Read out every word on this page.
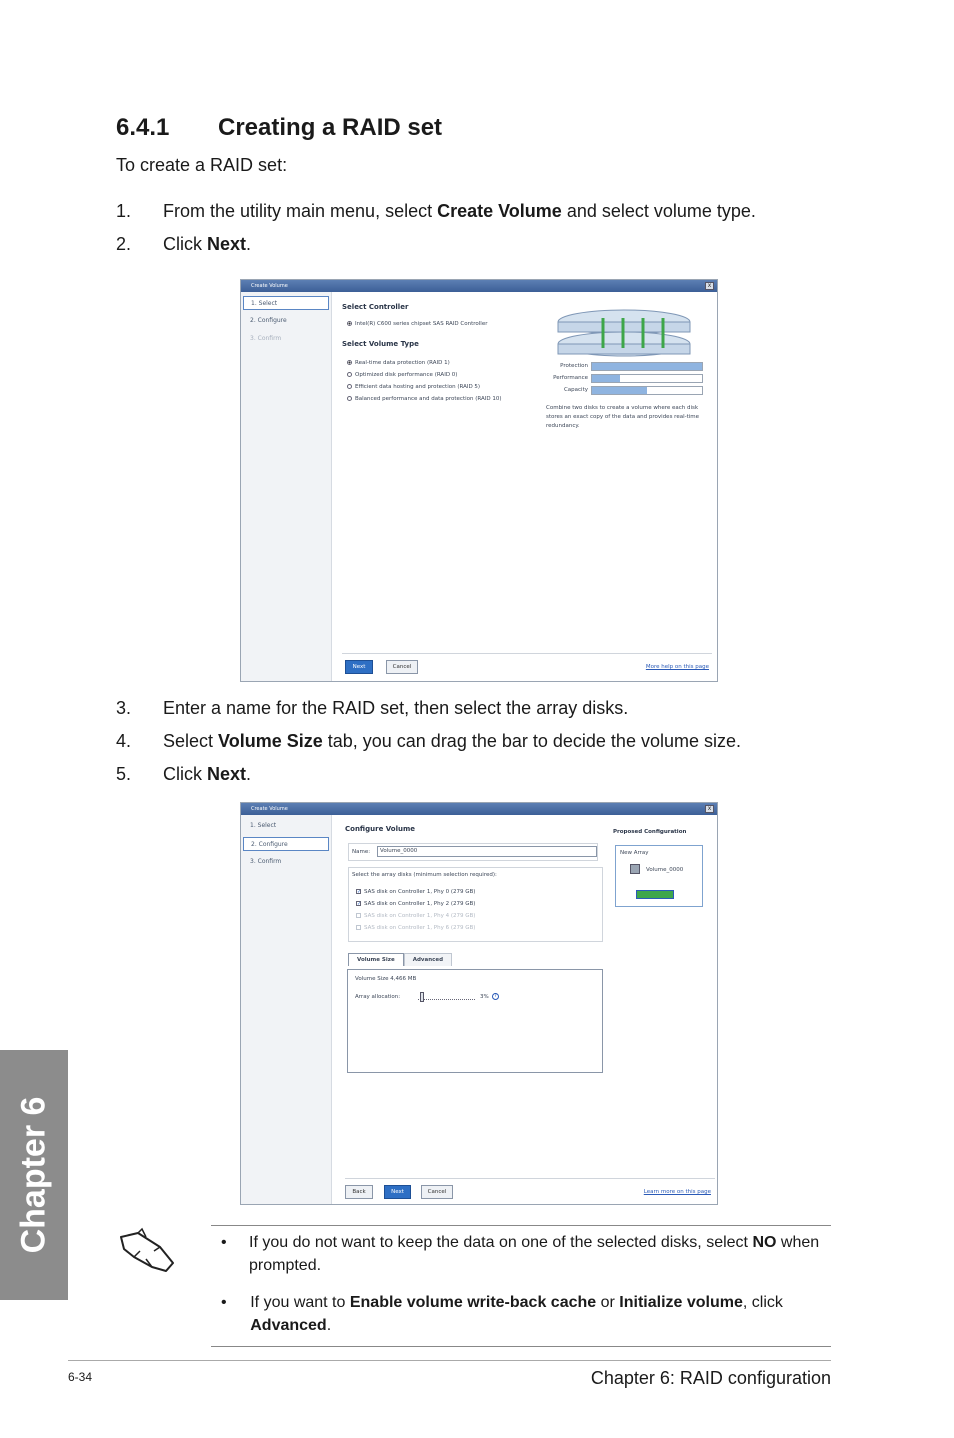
6.4.1	Creating a RAID set
To create a RAID set:
1.	From the utility main menu, select Create Volume and select volume type.
2.	Click Next.
Create Volume	x
1. Select
2. Configure
3. Confirm
Select Controller
Intel(R) C600 series chipset SAS RAID Controller
Select Volume Type
Real-time data protection (RAID 1)
Optimized disk performance (RAID 0)
Efficient data hosting and protection (RAID 5)
Balanced performance and data protection (RAID 10)
Protection
Performance
Capacity
Combine two disks to create a volume where each disk stores an exact copy of the data and provides real-time redundancy.
Next	Cancel	More help on this page
3.	Enter a name for the RAID set, then select the array disks.
4.	Select Volume Size tab, you can drag the bar to decide the volume size.
5.	Click Next.
Create Volume	x
1. Select
2. Configure
3. Confirm
Configure Volume
Name:	Volume_0000
Select the array disks (minimum selection required):
✓ SAS disk on Controller 1, Phy 0 (279 GB)
✓ SAS disk on Controller 1, Phy 2 (279 GB)
SAS disk on Controller 1, Phy 4 (279 GB)
SAS disk on Controller 1, Phy 6 (279 GB)
Volume Size	Advanced
Volume Size 4,466 MB
Array allocation:	3%	?
Proposed Configuration
New Array
Volume_0000
Back	Next	Cancel	Learn more on this page
Chapter 6	•	If you do not want to keep the data on one of the selected disks, select NO when prompted.
•	If you want to Enable volume write-back cache or Initialize volume, click Advanced.
6-34	Chapter 6: RAID configuration
